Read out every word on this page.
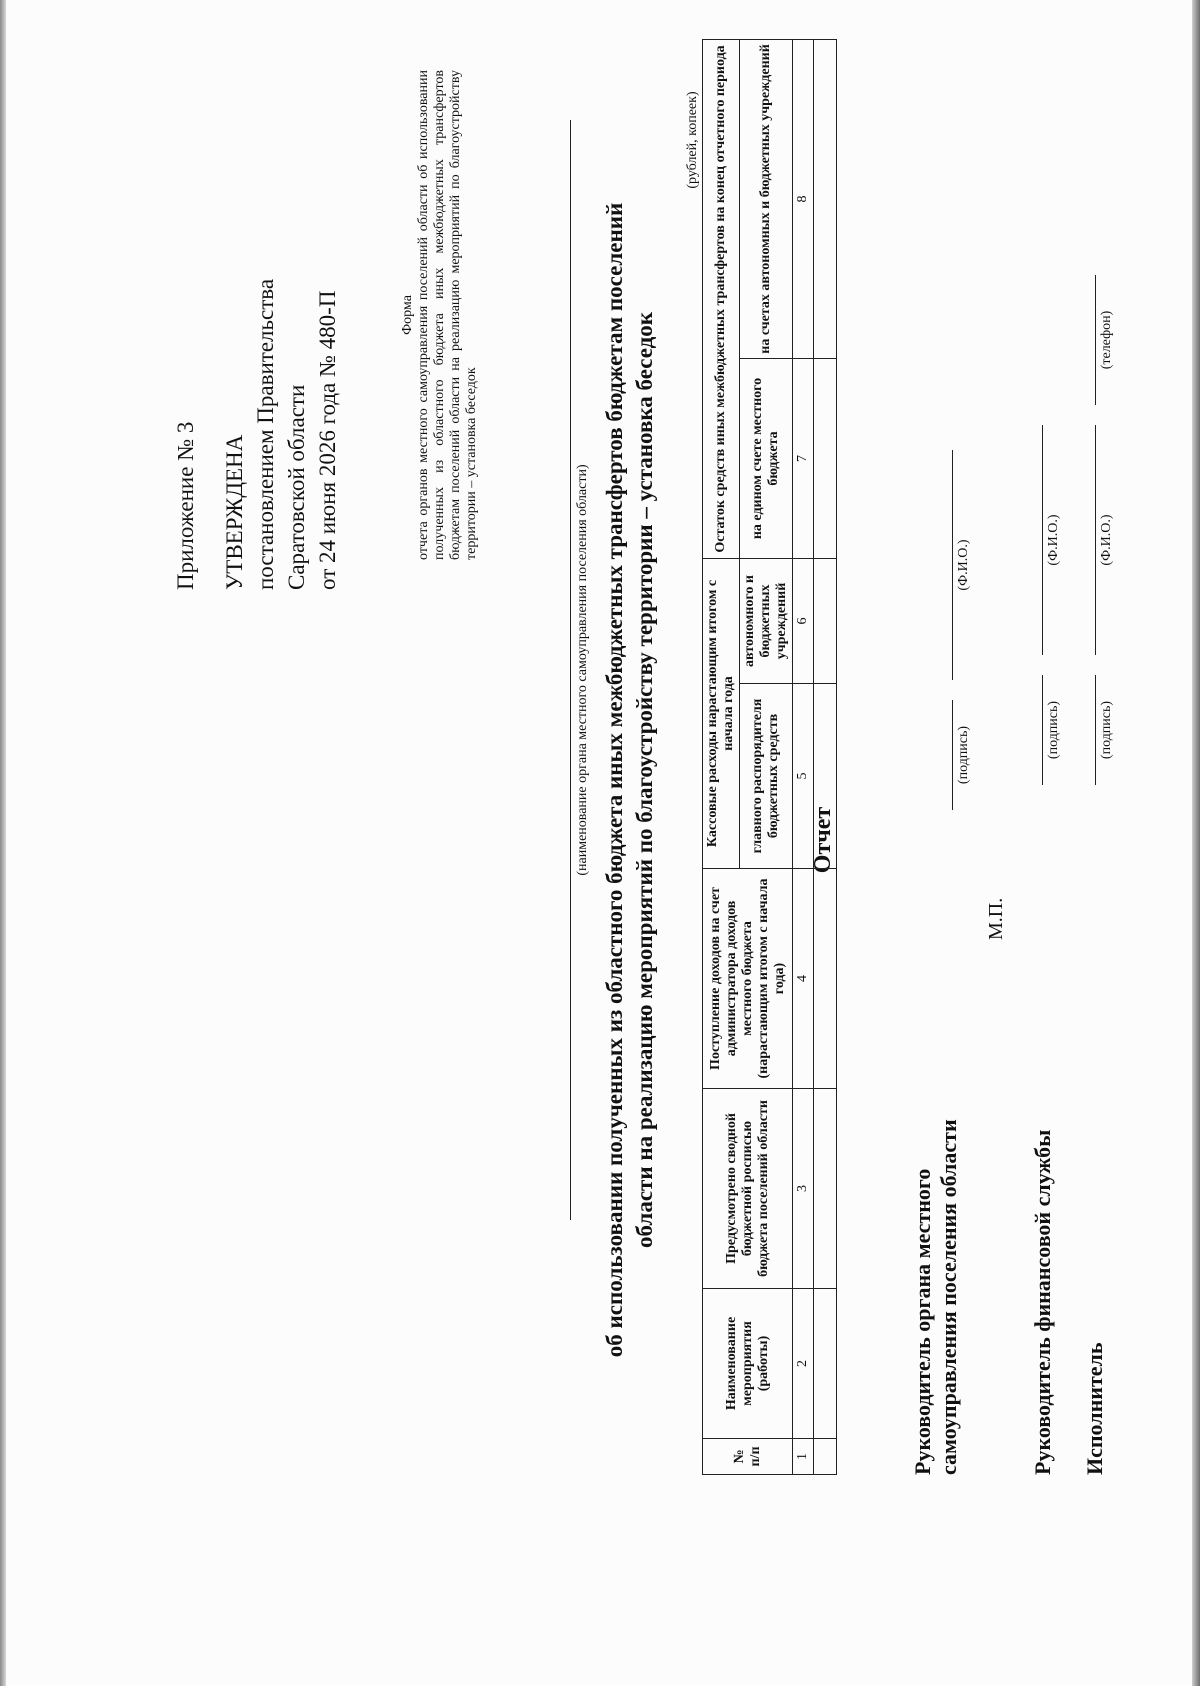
Приложение № 3 УТВЕРЖДЕНА постановлением Правительства Саратовской области от 24 июня 2026 года № 480-П	Форма отчета органов местного самоуправления поселений области об использовании полученных из областного бюджета иных межбюджетных трансфертов бюджетам поселений области на реализацию мероприятий по благоустройству территории – установка беседок
Отчет
(наименование органа местного самоуправления поселения области) об использовании полученных из областного бюджета иных межбюджетных трансфертов бюджетам поселений области на реализацию мероприятий по благоустройству территории – установка беседок
(рублей, копеек)
№ п/п	Наименование мероприятия (работы)	Предусмотрено сводной бюджетной росписью бюджета поселений области	Поступление доходов на счет администратора доходов местного бюджета (нарастающим итогом с начала года)	Кассовые расходы нарастающим итогом с начала года		Остаток средств иных межбюджетных трансфертов на конец отчетного периода	
				главного распорядителя бюджетных средств	автономного и бюджетных учреждений	на едином счете местного бюджета	на счетах автономных и бюджетных учреждений
1	2	3	4	5	6	7	8

Руководитель органа местного самоуправления поселения области
М.П.
(подпись)
(Ф.И.О.)
Руководитель финансовой службы
(подпись)
(Ф.И.О.)
Исполнитель
(подпись)
(Ф.И.О.)
(телефон)
